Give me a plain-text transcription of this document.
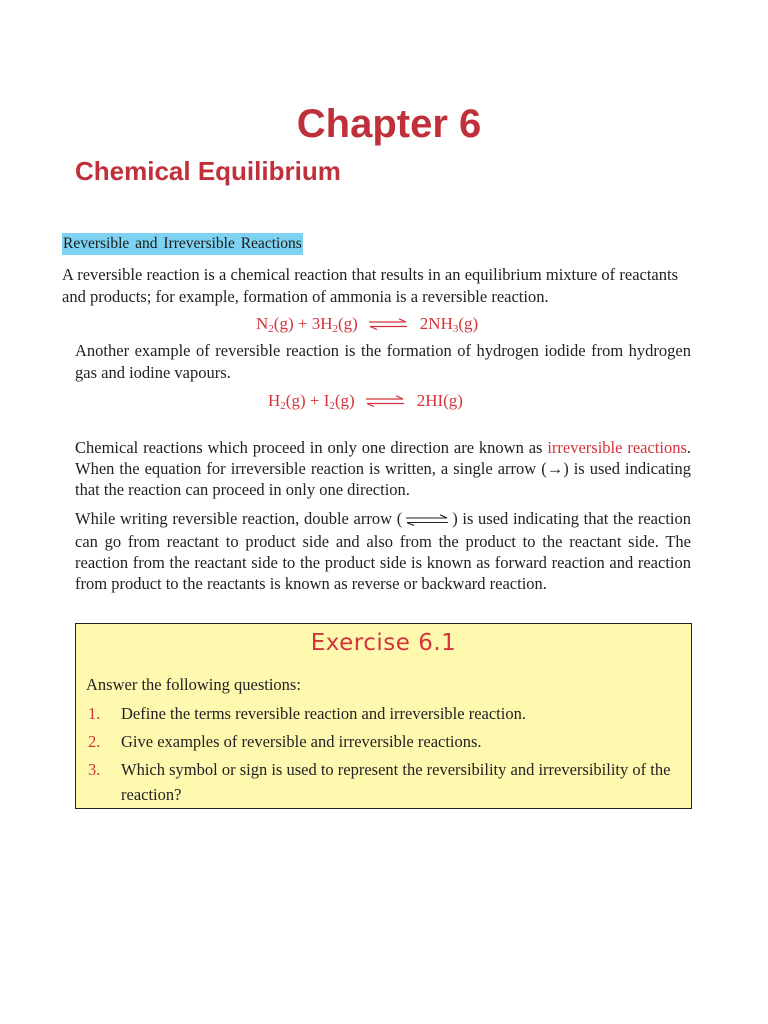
Chapter 6
Chemical Equilibrium
Reversible and Irreversible Reactions

A reversible reaction is a chemical reaction that results in an equilibrium mixture of reactants and products; for example, formation of ammonia is a reversible reaction.

$N_2(g) + 3H_2(g)$ ⇌ $2NH_3(g)$

Another example of reversible reaction is the formation of hydrogen iodide from hydrogen gas and iodine vapours.

$H_2(g) + I_2(g)$ ⇌ 2HI(g)

Chemical reactions which proceed in only one direction are known as irreversible reactions. When the equation for irreversible reaction is written, a single arrow (→) is used indicating that the reaction can proceed in only one direction.

While writing reversible reaction, double arrow (	) is used indicating that the reaction can go from reactant to product side and also from the product to the reactant side. The reaction from the reactant side to the product side is known as forward reaction and reaction from product to the reactants is known as reverse or backward reaction.

Exercise 6.1
Answer the following questions:
1. Define the terms reversible reaction and irreversible reaction.
2. Give examples of reversible and irreversible reactions.
3. Which symbol or sign is used to represent the reversibility and irreversibility of the reaction?
